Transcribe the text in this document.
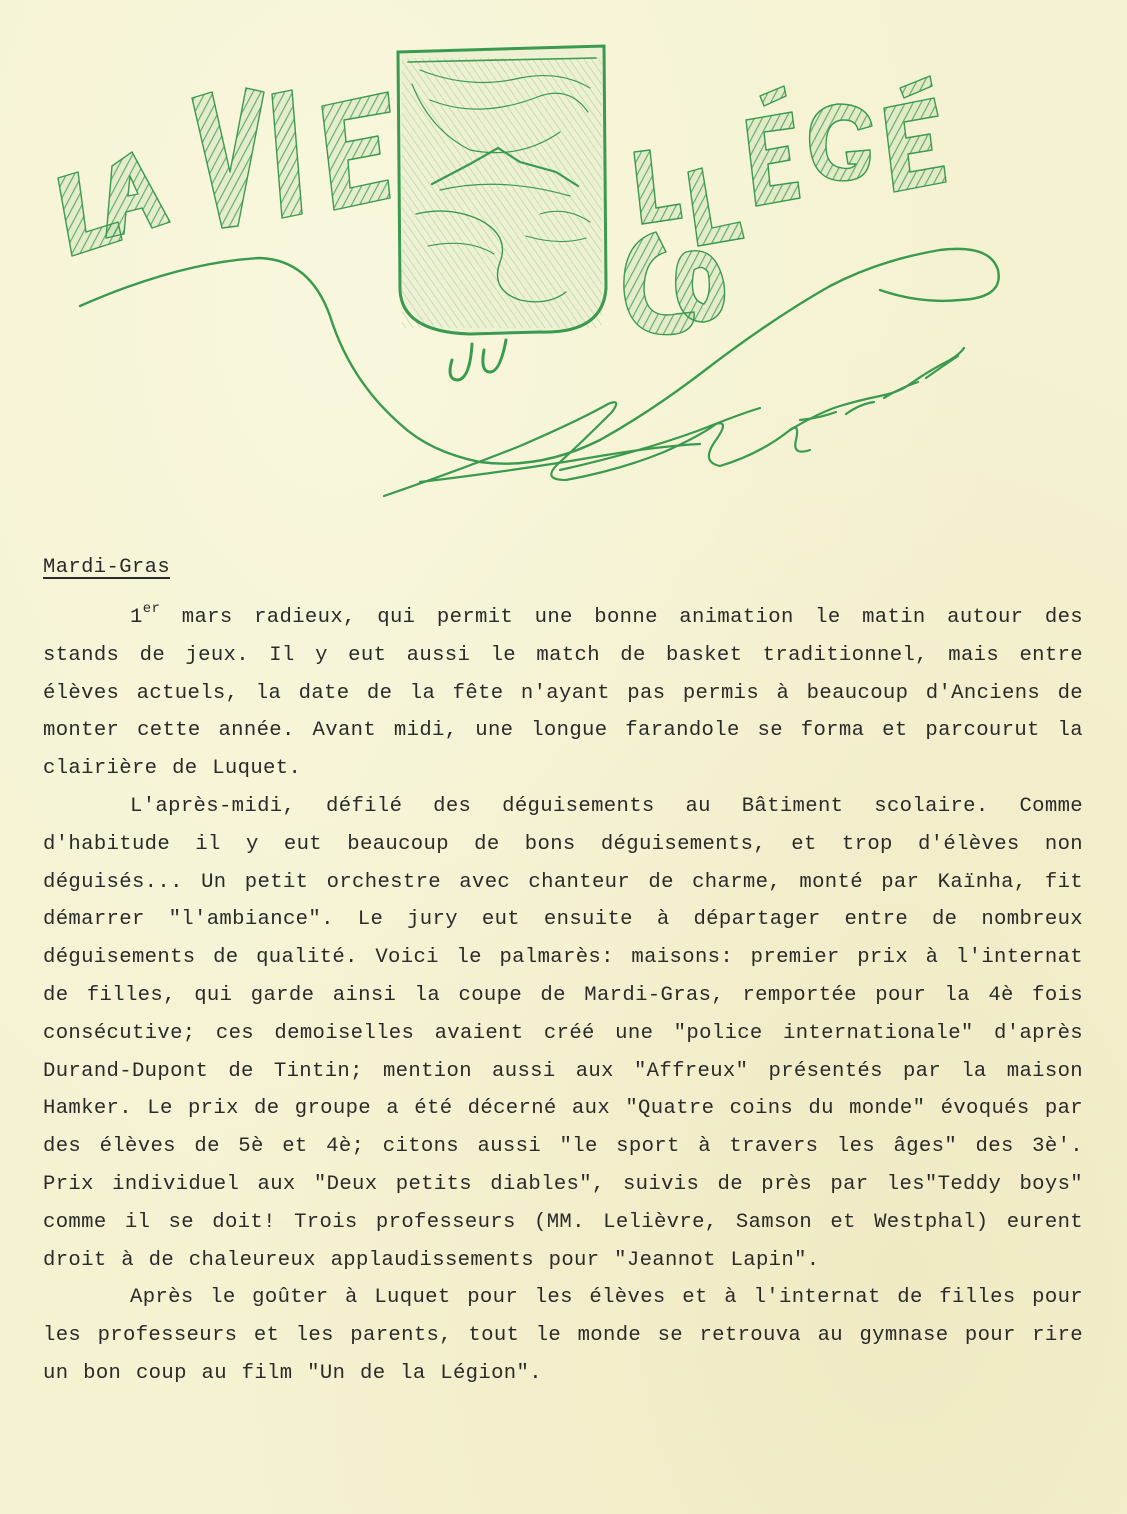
Mardi-Gras

1er mars radieux, qui permit une bonne animation le matin autour des stands de jeux. Il y eut aussi le match de basket traditionnel, mais entre élèves actuels, la date de la fête n'ayant pas permis à beaucoup d'Anciens de monter cette année. Avant midi, une longue farandole se forma et parcourut la clairière de Luquet.

L'après-midi, défilé des déguisements au Bâtiment scolaire. Comme d'habitude il y eut beaucoup de bons déguisements, et trop d'élèves non déguisés... Un petit orchestre avec chanteur de charme, monté par Kaïnha, fit démarrer "l'ambiance". Le jury eut ensuite à départager entre de nombreux déguisements de qualité. Voici le palmarès: maisons: premier prix à l'internat de filles, qui garde ainsi la coupe de Mardi-Gras, remportée pour la 4è fois consécutive; ces demoiselles avaient créé une "police internationale" d'après Durand-Dupont de Tintin; mention aussi aux "Affreux" présentés par la maison Hamker. Le prix de groupe a été décerné aux "Quatre coins du monde" évoqués par des élèves de 5è et 4è; citons aussi "le sport à travers les âges" des 3è'. Prix individuel aux "Deux petits diables", suivis de près par les"Teddy boys" comme il se doit! Trois professeurs (MM. Lelièvre, Samson et Westphal) eurent droit à de chaleureux applaudissements pour "Jeannot Lapin".

Après le goûter à Luquet pour les élèves et à l'internat de filles pour les professeurs et les parents, tout le monde se retrouva au gymnase pour rire un bon coup au film "Un de la Légion".
